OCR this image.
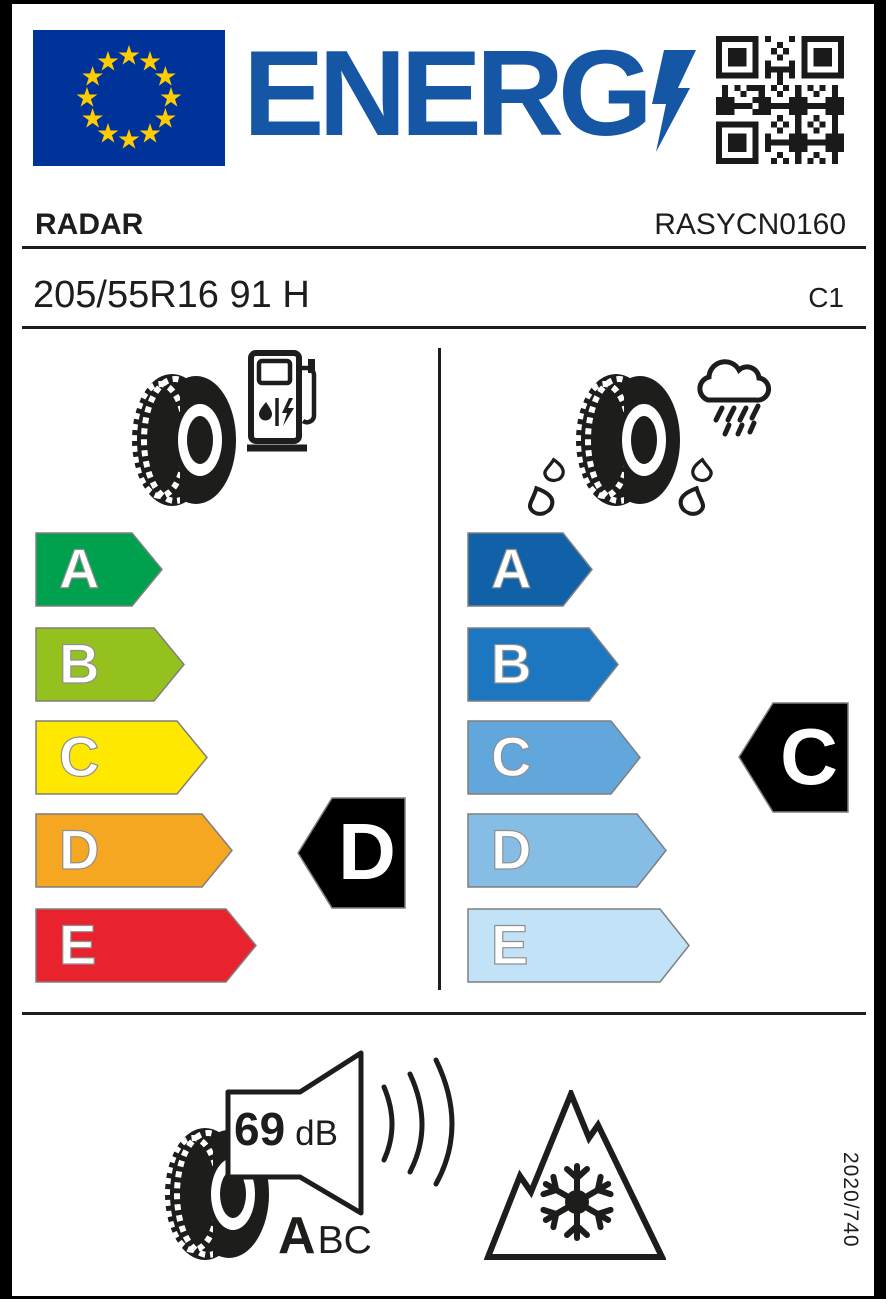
★
★
★
★
★
★
★
★
★
★
★
★ ENERG
RADAR	RASYCN0160
205/55R16 91 H	C1
A
B
C
D
E
D
A
B
C
D
E
C
69 dB
A BC	2020/740
